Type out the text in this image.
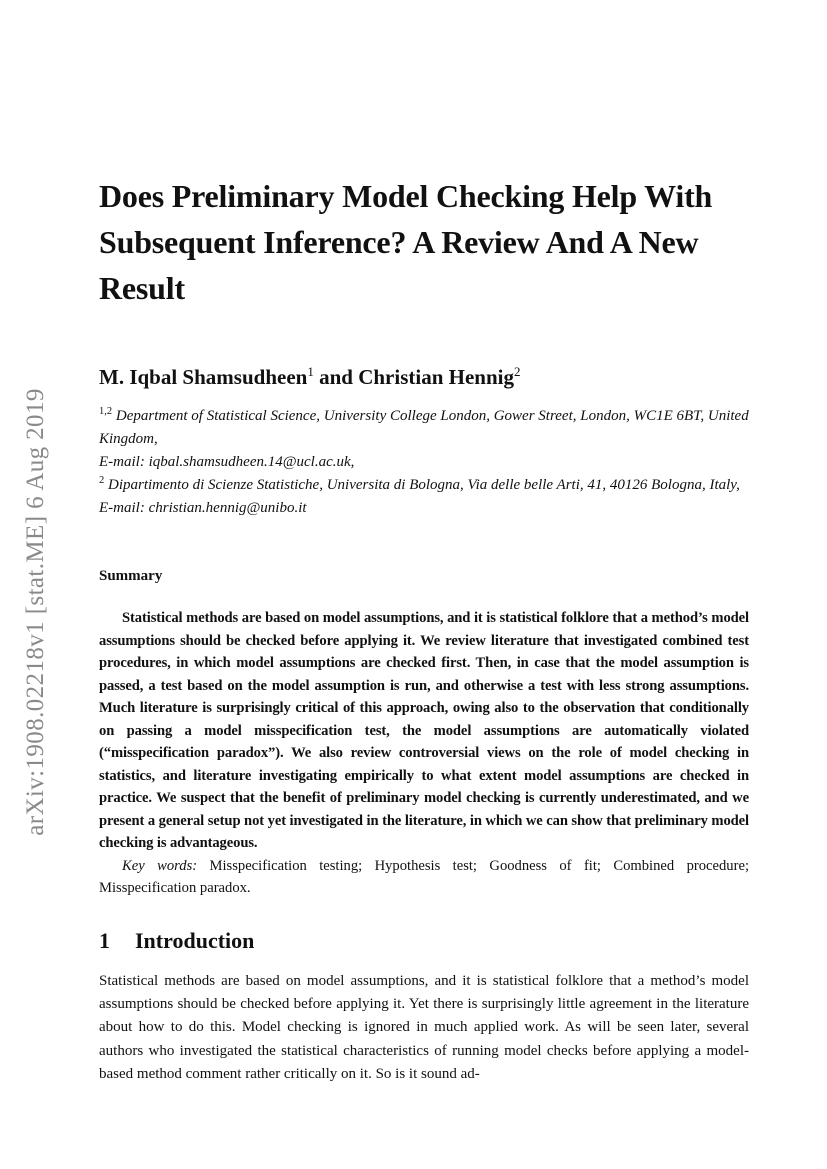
arXiv:1908.02218v1 [stat.ME] 6 Aug 2019
Does Preliminary Model Checking Help With Subsequent Inference? A Review And A New Result
M. Iqbal Shamsudheen$^1$ and Christian Hennig$^2$
$^{1,2}$ Department of Statistical Science, University College London, Gower Street, London, WC1E 6BT, United Kingdom,
E-mail: iqbal.shamsudheen.14@ucl.ac.uk,
$^2$ Dipartimento di Scienze Statistiche, Universita di Bologna, Via delle belle Arti, 41, 40126 Bologna, Italy,
E-mail: christian.hennig@unibo.it
Summary

Statistical methods are based on model assumptions, and it is statistical folklore that a method’s model assumptions should be checked before applying it. We review literature that investigated combined test procedures, in which model assumptions are checked first. Then, in case that the model assumption is passed, a test based on the model assumption is run, and otherwise a test with less strong assumptions. Much literature is surprisingly critical of this approach, owing also to the observation that conditionally on passing a model misspecification test, the model assumptions are automatically violated (“misspecification paradox”). We also review controversial views on the role of model checking in statistics, and literature investigating empirically to what extent model assumptions are checked in practice. We suspect that the benefit of preliminary model checking is currently underestimated, and we present a general setup not yet investigated in the literature, in which we can show that preliminary model checking is advantageous.

Key words: Misspecification testing; Hypothesis test; Goodness of fit; Combined procedure; Misspecification paradox.

1 Introduction

Statistical methods are based on model assumptions, and it is statistical folklore that a method’s model assumptions should be checked before applying it. Yet there is surprisingly little agreement in the literature about how to do this. Model checking is ignored in much applied work. As will be seen later, several authors who investigated the statistical characteristics of running model checks before applying a model-based method comment rather critically on it. So is it sound ad-
